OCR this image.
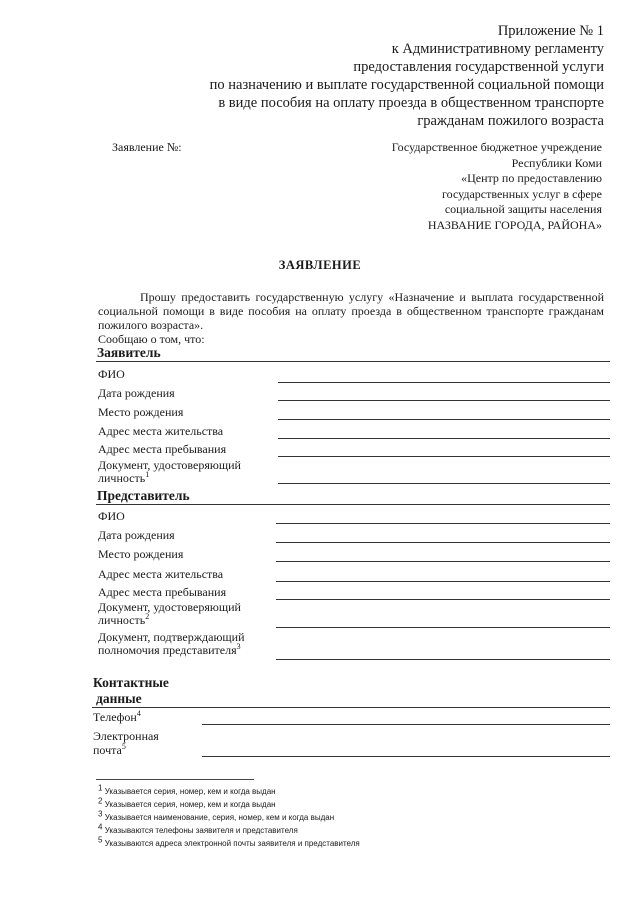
Приложение № 1
к Административному регламенту
предоставления государственной услуги
по назначению и выплате государственной социальной помощи
в виде пособия на оплату проезда в общественном транспорте
гражданам пожилого возраста
Заявление №:	Государственное бюджетное учреждение
Республики Коми
«Центр по предоставлению
государственных услуг в сфере
социальной защиты населения
НАЗВАНИЕ ГОРОДА, РАЙОНА»
ЗАЯВЛЕНИЕ

Прошу предоставить государственную услугу «Назначение и выплата государственной социальной помощи в виде пособия на оплату проезда в общественном транспорте гражданам пожилого возраста».

Сообщаю о том, что:

Заявитель
ФИО
Дата рождения
Место рождения
Адрес места жительства
Адрес места пребывания
Документ, удостоверяющий
личность$^1$
Представитель
ФИО
Дата рождения
Место рождения
Адрес места жительства
Адрес места пребывания
Документ, удостоверяющий
личность$^2$
Документ, подтверждающий
полномочия представителя$^3$
Контактные
данные
Телефон$^4$
Электронная
почта$^5$
$^1$ Указывается серия, номер, кем и когда выдан
$^2$ Указывается серия, номер, кем и когда выдан
$^3$ Указывается наименование, серия, номер, кем и когда выдан
$^4$ Указываются телефоны заявителя и представителя
$^5$ Указываются адреса электронной почты заявителя и представителя
